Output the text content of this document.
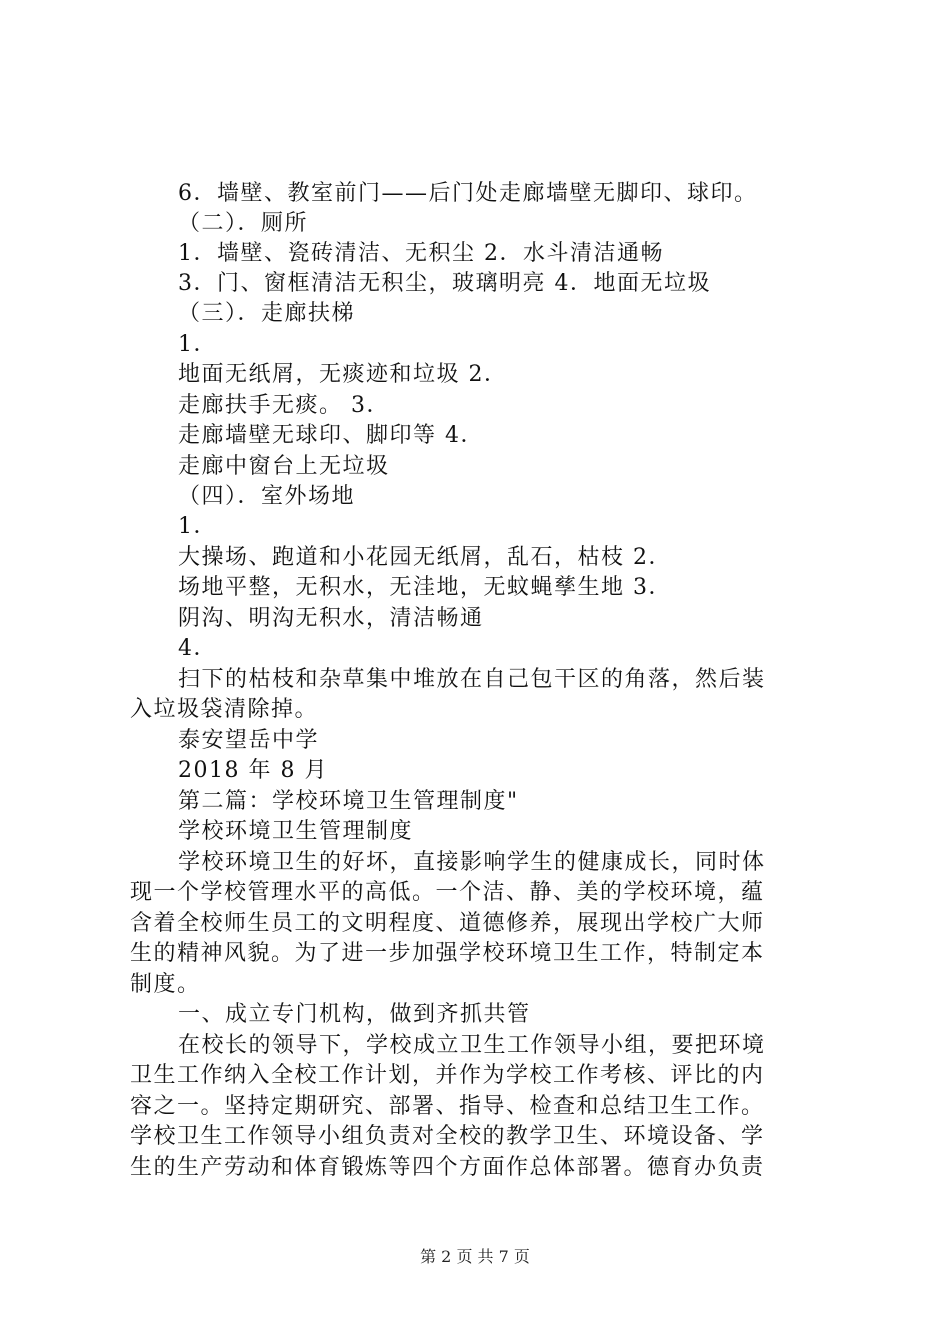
6．墙壁、教室前门——后门处走廊墙壁无脚印、球印。
（二）．厕所
1．墙壁、瓷砖清洁、无积尘 2．水斗清洁通畅
3．门、窗框清洁无积尘，玻璃明亮 4．地面无垃圾
（三）．走廊扶梯
1．
地面无纸屑，无痰迹和垃圾 2．
走廊扶手无痰。 3．
走廊墙壁无球印、脚印等 4．
走廊中窗台上无垃圾
（四）．室外场地
1．
大操场、跑道和小花园无纸屑，乱石，枯枝 2．
场地平整，无积水，无洼地，无蚊蝇孳生地 3．
阴沟、明沟无积水，清洁畅通
4．
扫下的枯枝和杂草集中堆放在自己包干区的角落，然后装
入垃圾袋清除掉。
泰安望岳中学
2018 年 8 月
第二篇：学校环境卫生管理制度"
学校环境卫生管理制度
学校环境卫生的好坏，直接影响学生的健康成长，同时体
现一个学校管理水平的高低。一个洁、静、美的学校环境，蕴
含着全校师生员工的文明程度、道德修养，展现出学校广大师
生的精神风貌。为了进一步加强学校环境卫生工作，特制定本
制度。
一、成立专门机构，做到齐抓共管
在校长的领导下，学校成立卫生工作领导小组，要把环境
卫生工作纳入全校工作计划，并作为学校工作考核、评比的内
容之一。坚持定期研究、部署、指导、检查和总结卫生工作。
学校卫生工作领导小组负责对全校的教学卫生、环境设备、学
生的生产劳动和体育锻炼等四个方面作总体部署。德育办负责
第 2 页 共 7 页
